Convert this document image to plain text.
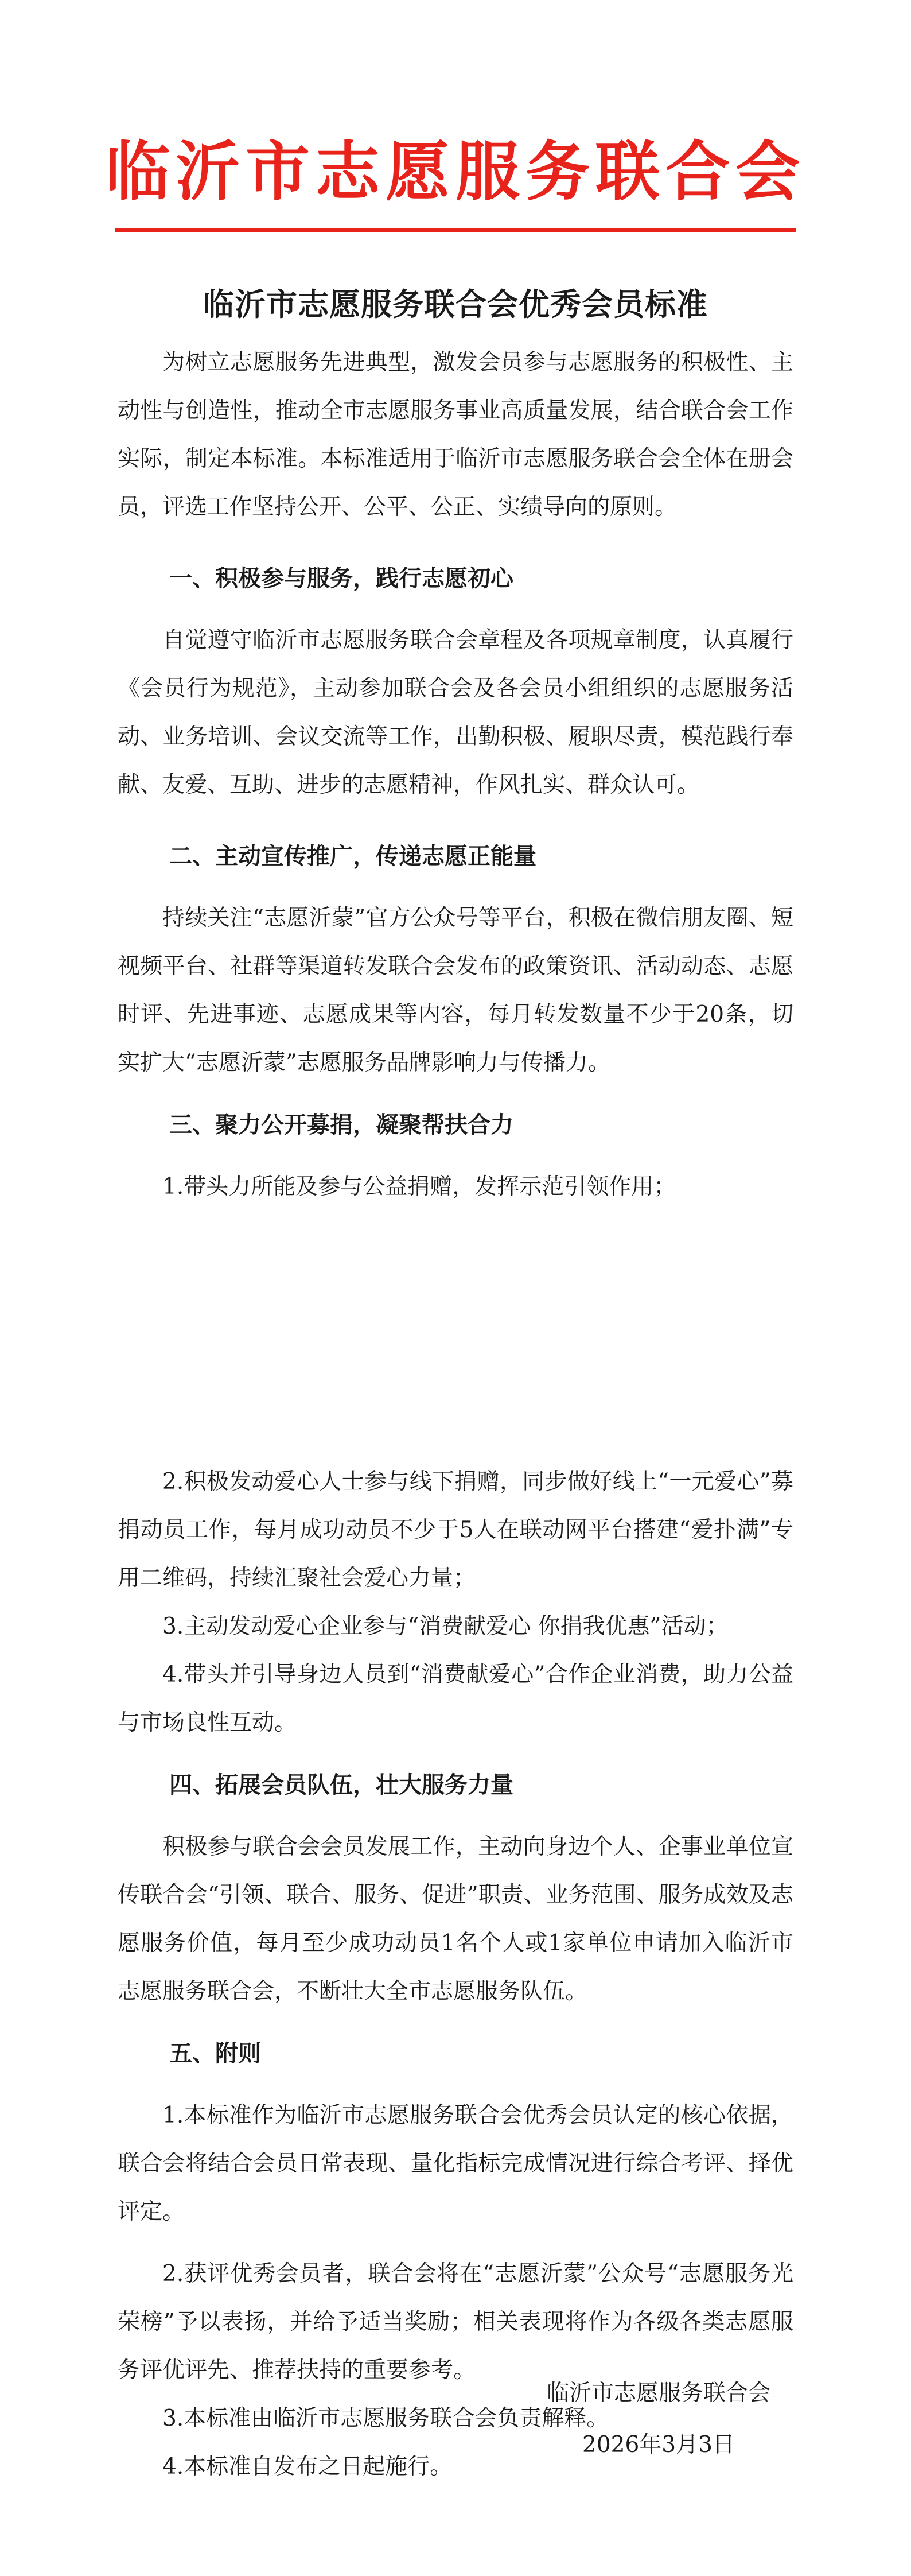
临沂市志愿服务联合会
临沂市志愿服务联合会优秀会员标准

为树立志愿服务先进典型，激发会员参与志愿服务的积极性、主动性与创造性，推动全市志愿服务事业高质量发展，结合联合会工作实际，制定本标准。本标准适用于临沂市志愿服务联合会全体在册会员，评选工作坚持公开、公平、公正、实绩导向的原则。

一、积极参与服务，践行志愿初心

自觉遵守临沂市志愿服务联合会章程及各项规章制度，认真履行《会员行为规范》，主动参加联合会及各会员小组组织的志愿服务活动、业务培训、会议交流等工作，出勤积极、履职尽责，模范践行奉献、友爱、互助、进步的志愿精神，作风扎实、群众认可。

二、主动宣传推广，传递志愿正能量

持续关注“志愿沂蒙”官方公众号等平台，积极在微信朋友圈、短视频平台、社群等渠道转发联合会发布的政策资讯、活动动态、志愿时评、先进事迹、志愿成果等内容，每月转发数量不少于20条，切实扩大“志愿沂蒙”志愿服务品牌影响力与传播力。

三、聚力公开募捐，凝聚帮扶合力

1.带头力所能及参与公益捐赠，发挥示范引领作用；

2.积极发动爱心人士参与线下捐赠，同步做好线上“一元爱心”募捐动员工作，每月成功动员不少于5人在联动网平台搭建“爱扑满”专用二维码，持续汇聚社会爱心力量；

3.主动发动爱心企业参与“消费献爱心 你捐我优惠”活动；

4.带头并引导身边人员到“消费献爱心”合作企业消费，助力公益与市场良性互动。

四、拓展会员队伍，壮大服务力量

积极参与联合会会员发展工作，主动向身边个人、企事业单位宣传联合会“引领、联合、服务、促进”职责、业务范围、服务成效及志愿服务价值，每月至少成功动员1名个人或1家单位申请加入临沂市志愿服务联合会，不断壮大全市志愿服务队伍。

五、附则

1.本标准作为临沂市志愿服务联合会优秀会员认定的核心依据，联合会将结合会员日常表现、量化指标完成情况进行综合考评、择优评定。

2.获评优秀会员者，联合会将在“志愿沂蒙”公众号“志愿服务光荣榜”予以表扬，并给予适当奖励；相关表现将作为各级各类志愿服务评优评先、推荐扶持的重要参考。

3.本标准由临沂市志愿服务联合会负责解释。

4.本标准自发布之日起施行。

临沂市志愿服务联合会
2026年3月3日
